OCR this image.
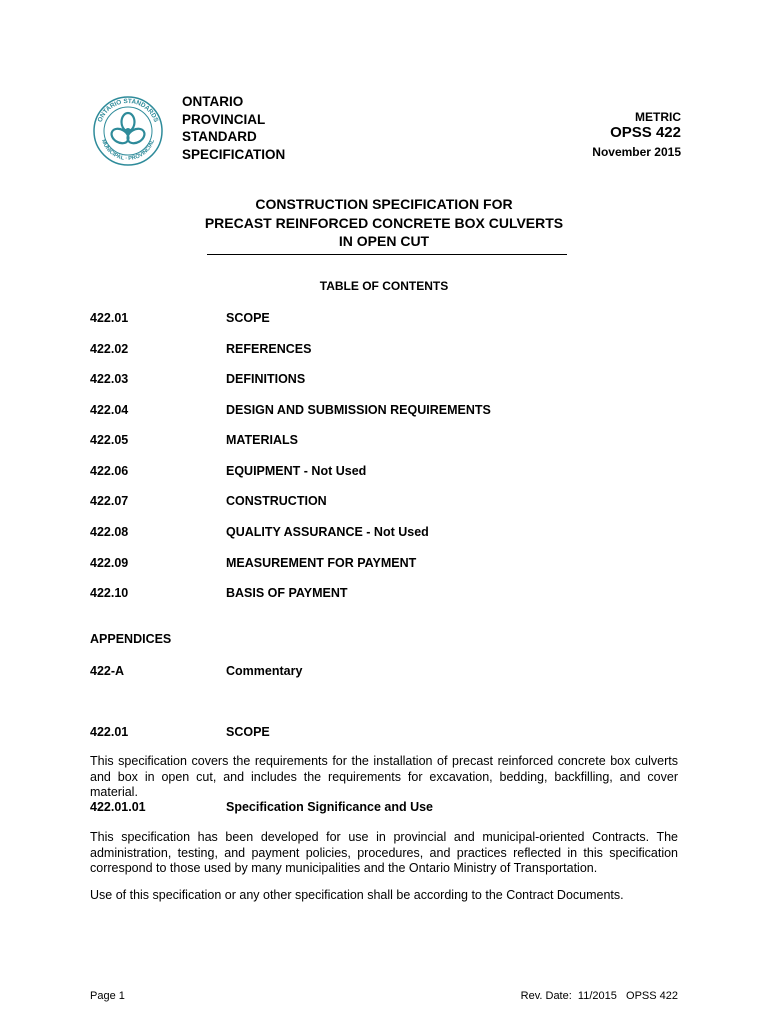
ONTARIO STANDARDS
MUNICIPAL · PROVINCIAL
ONTARIO
PROVINCIAL
STANDARD
SPECIFICATION
METRIC
OPSS 422
November 2015
CONSTRUCTION SPECIFICATION FOR
PRECAST REINFORCED CONCRETE BOX CULVERTS
IN OPEN CUT
TABLE OF CONTENTS
422.01	SCOPE
422.02	REFERENCES
422.03	DEFINITIONS
422.04	DESIGN AND SUBMISSION REQUIREMENTS
422.05	MATERIALS
422.06	EQUIPMENT - Not Used
422.07	CONSTRUCTION
422.08	QUALITY ASSURANCE - Not Used
422.09	MEASUREMENT FOR PAYMENT
422.10	BASIS OF PAYMENT
APPENDICES
422-A	Commentary
422.01	SCOPE
This specification covers the requirements for the installation of precast reinforced concrete box culverts and box in open cut, and includes the requirements for excavation, bedding, backfilling, and cover material.
422.01.01	Specification Significance and Use
This specification has been developed for use in provincial and municipal-oriented Contracts. The administration, testing, and payment policies, procedures, and practices reflected in this specification correspond to those used by many municipalities and the Ontario Ministry of Transportation.
Use of this specification or any other specification shall be according to the Contract Documents.
Page 1	Rev. Date:  11/2015   OPSS 422
